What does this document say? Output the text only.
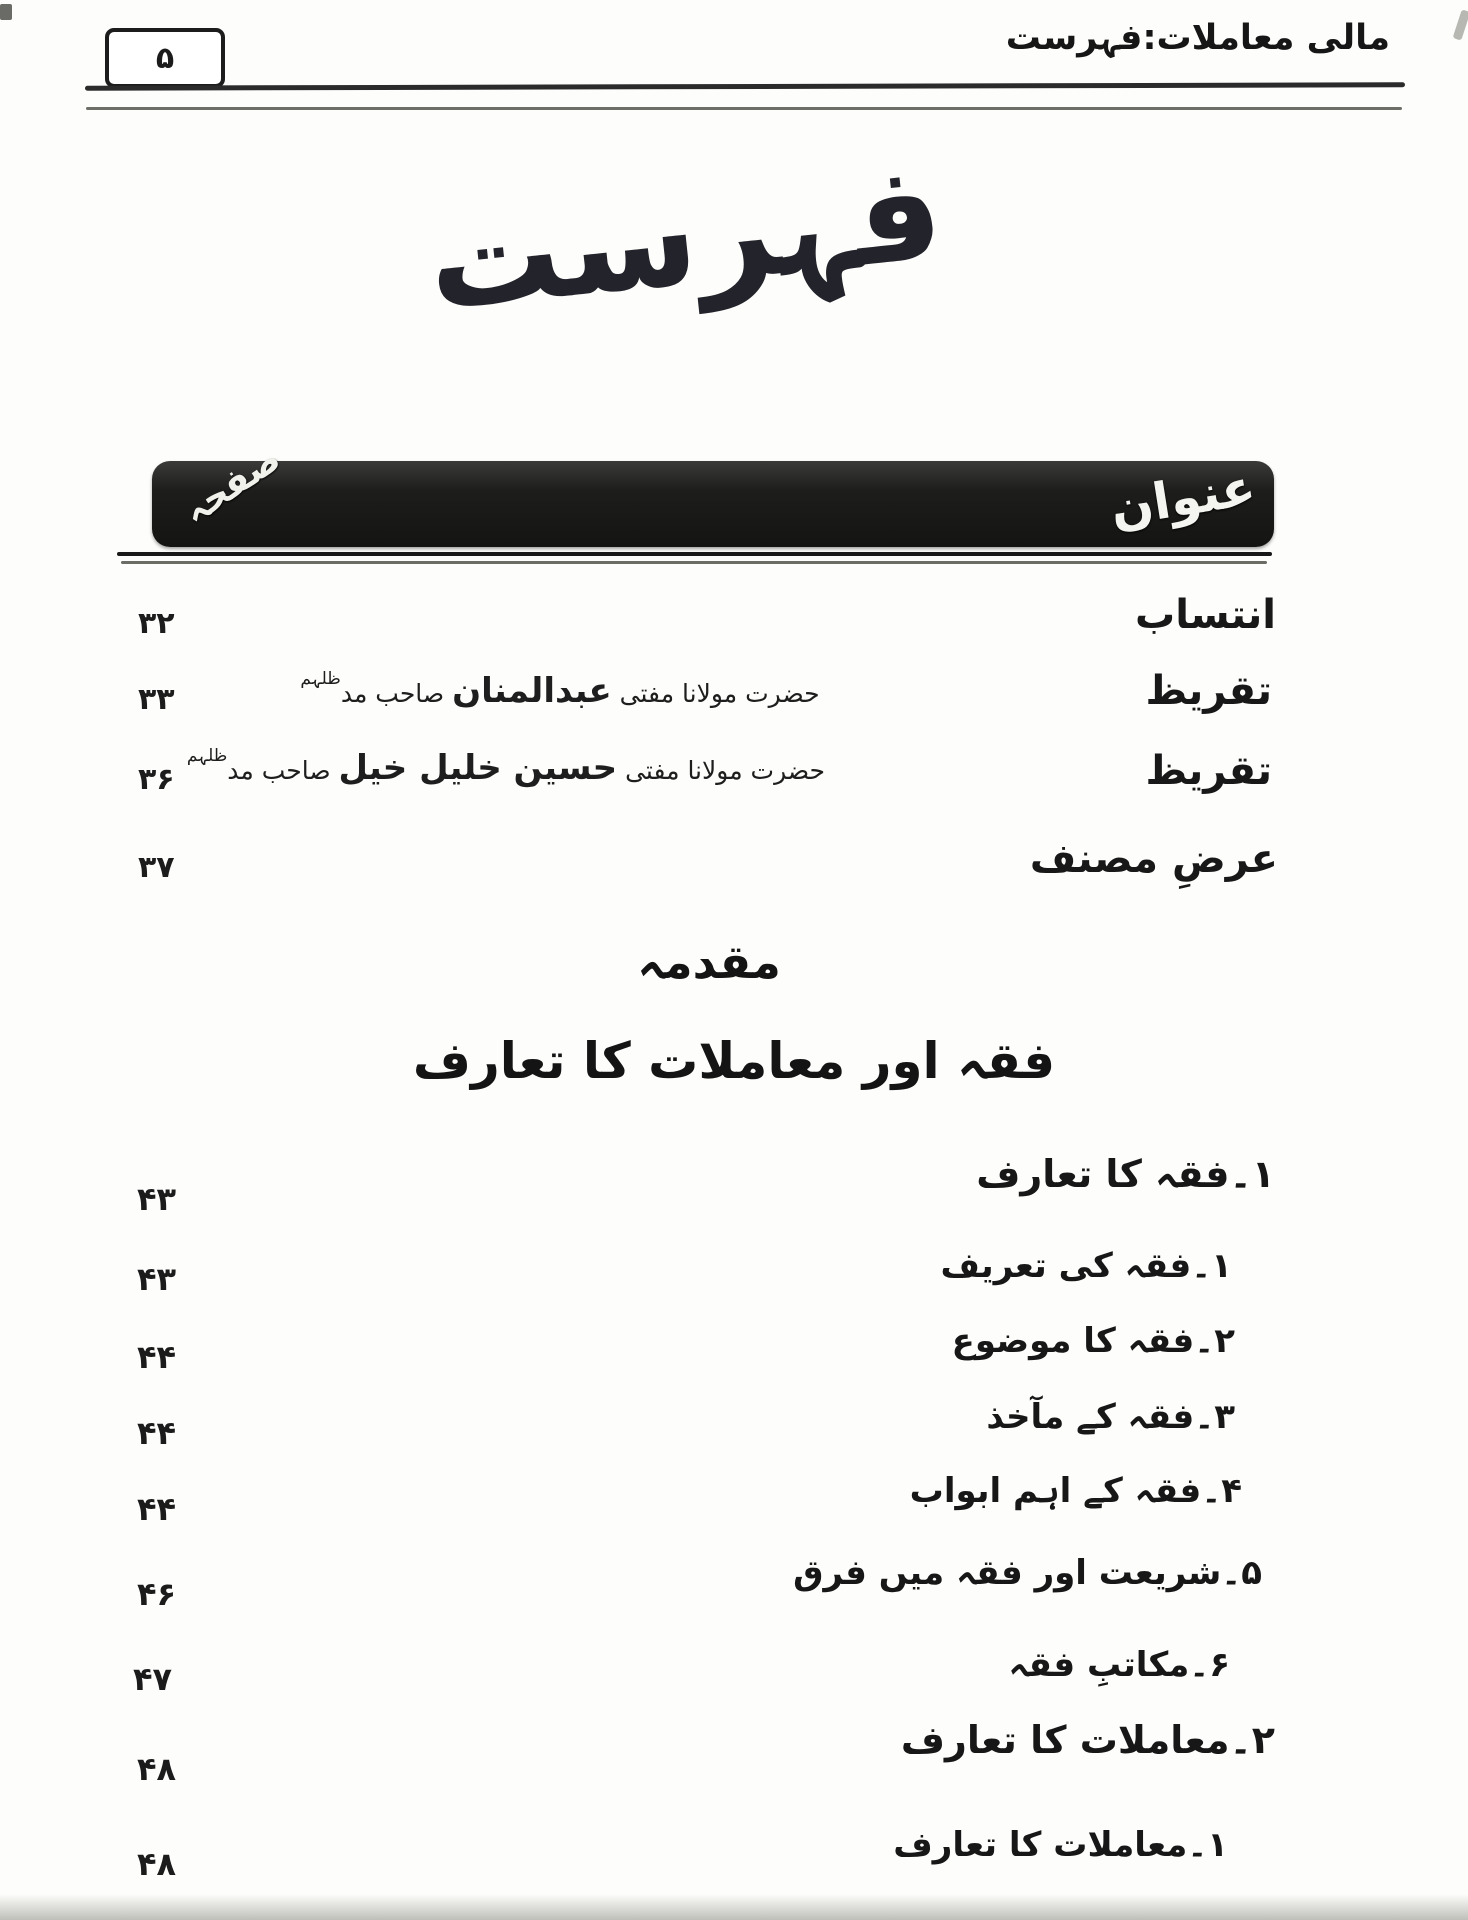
۵	مالی معاملات:فہرست
فہرست
عنوان
صفحہ
انتساب
۳۲
تقریظ
حضرت مولانا مفتی عبدالمنان صاحب مد$^{ظلہم}$
۳۳
تقریظ
حضرت مولانا مفتی حسین خلیل خیل صاحب مد$^{ظلہم}$
۳۶
عرضِ مصنف
۳۷
مقدمہ
فقہ اور معاملات کا تعارف
۱۔فقہ کا تعارف
۴۳
۱۔فقہ کی تعریف
۴۳
۲۔فقہ کا موضوع
۴۴
۳۔فقہ کے مآخذ
۴۴
۴۔فقہ کے اہم ابواب
۴۴
۵۔شریعت اور فقہ میں فرق
۴۶
۶۔مکاتبِ فقہ
۴۷
۲۔معاملات کا تعارف
۴۸
۱۔معاملات کا تعارف
۴۸
